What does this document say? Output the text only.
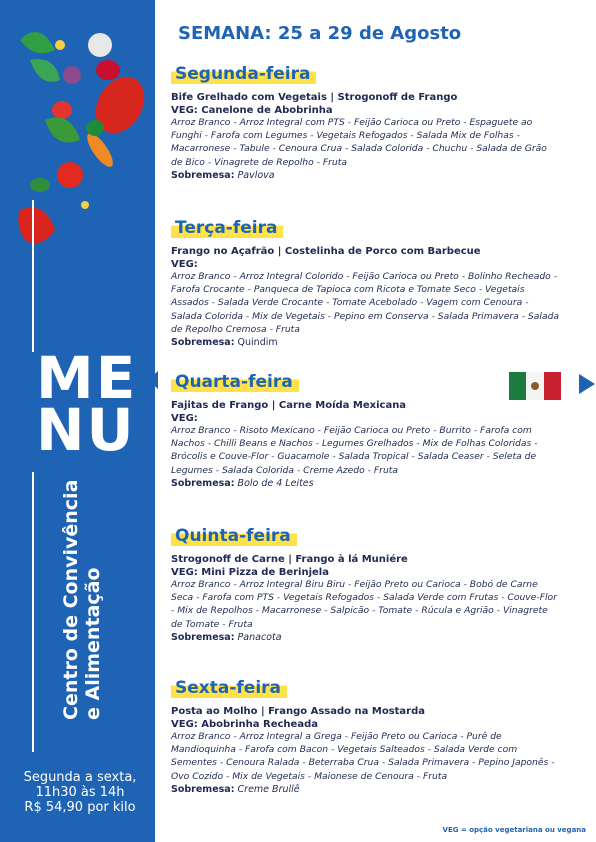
ME
NU
Centro de Convivência e Alimentação
Segunda a sexta,
11h30 às 14h
R$ 54,90 por kilo
SEMANA: 25 a 29 de Agosto
Segunda-feira
Bife Grelhado com Vegetais | Strogonoff de Frango
VEG: Canelone de Abobrinha
Arroz Branco - Arroz Integral com PTS - Feijão Carioca ou Preto - Espaguete ao Funghi - Farofa com Legumes - Vegetais Refogados - Salada Mix de Folhas - Macarronese - Tabule - Cenoura Crua - Salada Colorida - Chuchu - Salada de Grão de Bico - Vinagrete de Repolho - Fruta
Sobremesa: Pavlova
Terça-feira
Frango no Açafrão | Costelinha de Porco com Barbecue
VEG:
Arroz Branco - Arroz Integral Colorido - Feijão Carioca ou Preto - Bolinho Recheado - Farofa Crocante - Panqueca de Tapioca com Ricota e Tomate Seco - Vegetais Assados - Salada Verde Crocante - Tomate Acebolado - Vagem com Cenoura - Salada Colorida - Mix de Vegetais - Pepino em Conserva - Salada Primavera - Salada de Repolho Cremosa - Fruta
Sobremesa: Quindim
Quarta-feira
Fajitas de Frango | Carne Moída Mexicana
VEG:
Arroz Branco - Risoto Mexicano - Feijão Carioca ou Preto - Burrito - Farofa com Nachos - Chilli Beans e Nachos - Legumes Grelhados - Mix de Folhas Coloridas - Brócolis e Couve-Flor - Guacamole - Salada Tropical - Salada Ceaser - Seleta de Legumes - Salada Colorida - Creme Azedo - Fruta
Sobremesa: Bolo de 4 Leites
Quinta-feira
Strogonoff de Carne | Frango à lá Muniére
VEG: Mini Pizza de Berinjela
Arroz Branco - Arroz Integral Biru Biru - Feijão Preto ou Carioca - Bobó de Carne Seca - Farofa com PTS - Vegetais Refogados - Salada Verde com Frutas - Couve-Flor - Mix de Repolhos - Macarronese - Salpicão - Tomate - Rúcula e Agrião - Vinagrete de Tomate - Fruta
Sobremesa: Panacota
Sexta-feira
Posta ao Molho | Frango Assado na Mostarda
VEG: Abobrinha Recheada
Arroz Branco - Arroz Integral a Grega - Feijão Preto ou Carioca - Purê de Mandioquinha - Farofa com Bacon - Vegetais Salteados - Salada Verde com Sementes - Cenoura Ralada - Beterraba Crua - Salada Primavera - Pepino Japonês - Ovo Cozido - Mix de Vegetais - Maionese de Cenoura - Fruta
Sobremesa: Creme Brullê
VEG = opção vegetariana ou vegana
